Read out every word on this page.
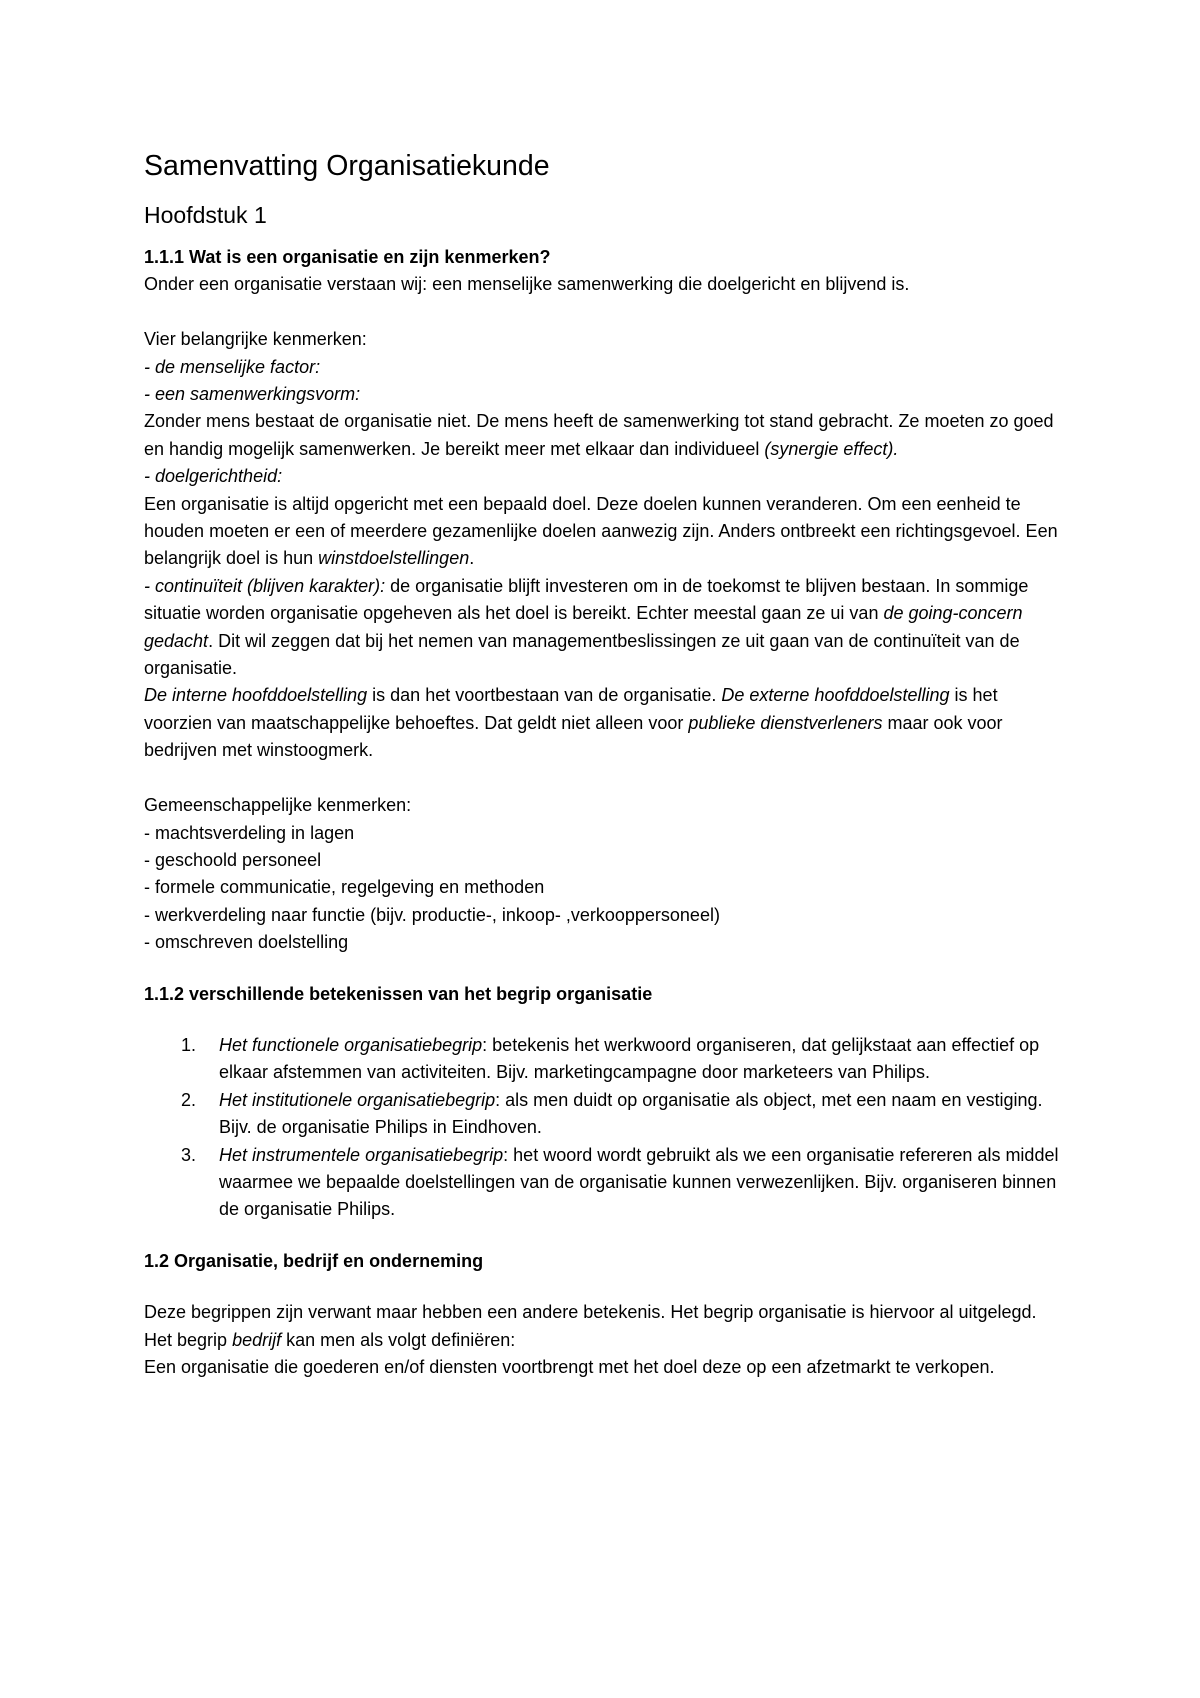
Samenvatting Organisatiekunde
Hoofdstuk 1

1.1.1 Wat is een organisatie en zijn kenmerken?

Onder een organisatie verstaan wij: een menselijke samenwerking die doelgericht en blijvend is.

Vier belangrijke kenmerken:

- de menselijke factor:

- een samenwerkingsvorm:

Zonder mens bestaat de organisatie niet. De mens heeft de samenwerking tot stand gebracht. Ze moeten zo goed en handig mogelijk samenwerken. Je bereikt meer met elkaar dan individueel (synergie effect).

- doelgerichtheid:

Een organisatie is altijd opgericht met een bepaald doel. Deze doelen kunnen veranderen. Om een eenheid te houden moeten er een of meerdere gezamenlijke doelen aanwezig zijn. Anders ontbreekt een richtingsgevoel. Een belangrijk doel is hun winstdoelstellingen.

- continuïteit (blijven karakter): de organisatie blijft investeren om in de toekomst te blijven bestaan. In sommige situatie worden organisatie opgeheven als het doel is bereikt. Echter meestal gaan ze ui van de going-concern gedacht. Dit wil zeggen dat bij het nemen van managementbeslissingen ze uit gaan van de continuïteit van de organisatie.

De interne hoofddoelstelling is dan het voortbestaan van de organisatie. De externe hoofddoelstelling is het voorzien van maatschappelijke behoeftes. Dat geldt niet alleen voor publieke dienstverleners maar ook voor bedrijven met winstoogmerk.

Gemeenschappelijke kenmerken:

- machtsverdeling in lagen

- geschoold personeel

- formele communicatie, regelgeving en methoden

- werkverdeling naar functie (bijv. productie-, inkoop- ,verkooppersoneel)

- omschreven doelstelling

1.1.2 verschillende betekenissen van het begrip organisatie

1. Het functionele organisatiebegrip: betekenis het werkwoord organiseren, dat gelijkstaat aan effectief op elkaar afstemmen van activiteiten. Bijv. marketingcampagne door marketeers van Philips.
2. Het institutionele organisatiebegrip: als men duidt op organisatie als object, met een naam en vestiging. Bijv. de organisatie Philips in Eindhoven.
3. Het instrumentele organisatiebegrip: het woord wordt gebruikt als we een organisatie refereren als middel waarmee we bepaalde doelstellingen van de organisatie kunnen verwezenlijken. Bijv. organiseren binnen de organisatie Philips.

1.2 Organisatie, bedrijf en onderneming

Deze begrippen zijn verwant maar hebben een andere betekenis. Het begrip organisatie is hiervoor al uitgelegd. Het begrip bedrijf kan men als volgt definiëren:

Een organisatie die goederen en/of diensten voortbrengt met het doel deze op een afzetmarkt te verkopen.
